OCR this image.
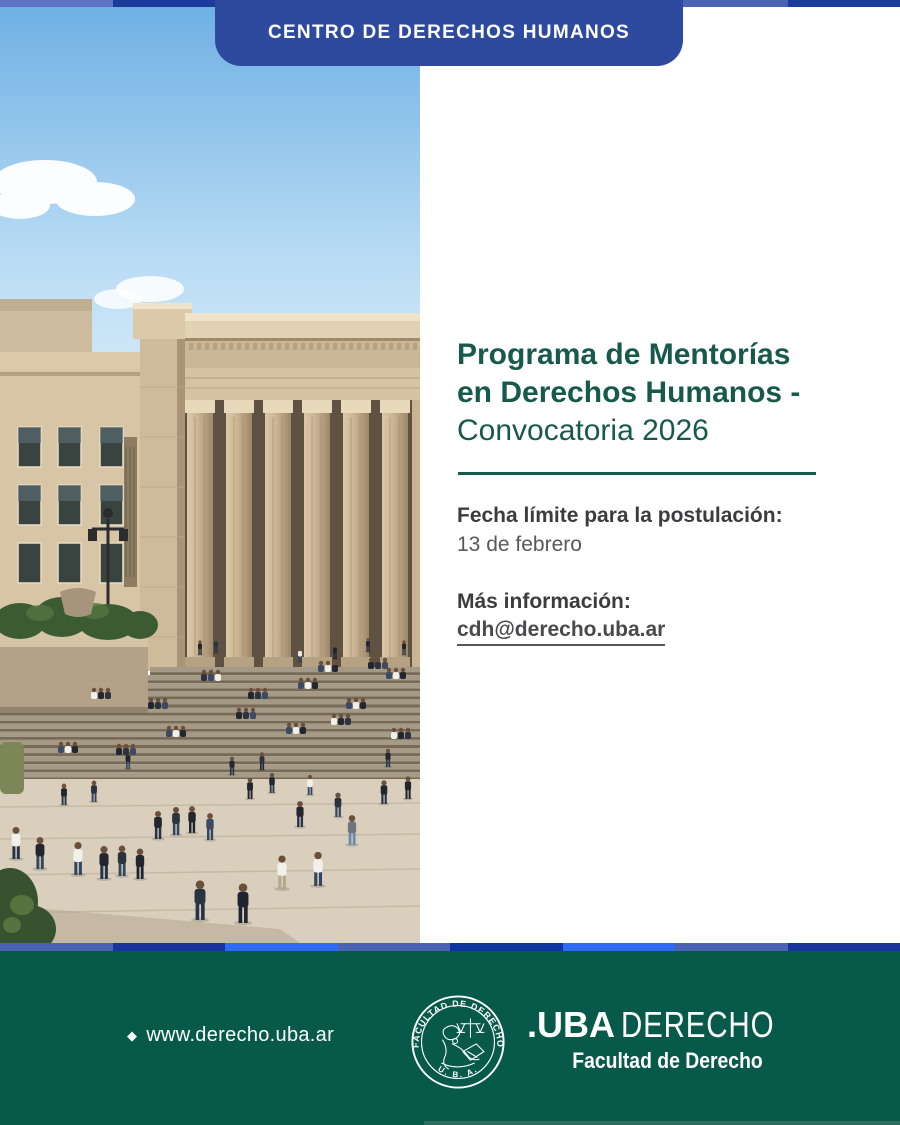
CENTRO DE DERECHOS HUMANOS
Programa de Mentorías
en Derechos Humanos -
Convocatoria 2026

Fecha límite para la postulación:

13 de febrero

Más información:

cdh@derecho.uba.ar
◆ www.derecho.uba.ar	FACULTAD DE DERECHO
U. B. A.
.UBA DERECHO
Facultad de Derecho
